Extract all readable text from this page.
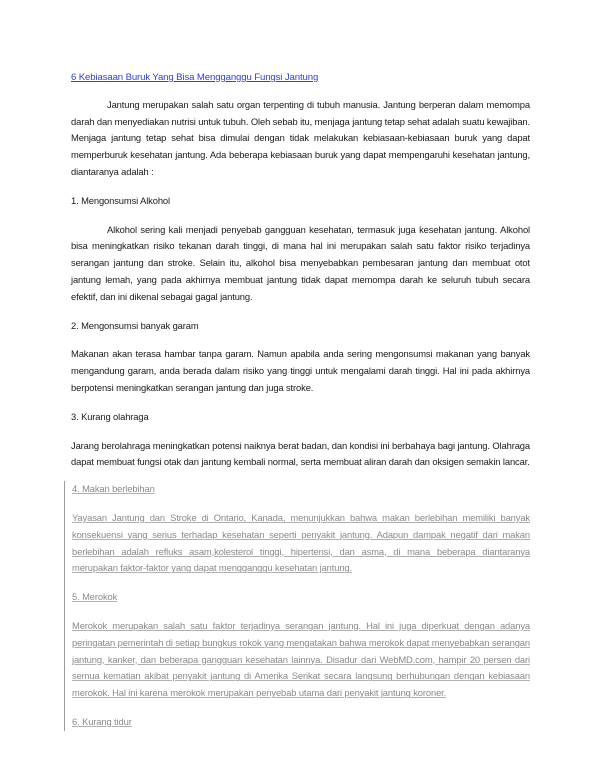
6 Kebiasaan Buruk Yang Bisa Mengganggu Fungsi Jantung

Jantung merupakan salah satu organ terpenting di tubuh manusia. Jantung berperan dalam memompa darah dan menyediakan nutrisi untuk tubuh. Oleh sebab itu, menjaga jantung tetap sehat adalah suatu kewajiban. Menjaga jantung tetap sehat bisa dimulai dengan tidak melakukan kebiasaan-kebiasaan buruk yang dapat memperburuk kesehatan jantung. Ada beberapa kebiasaan buruk yang dapat mempengaruhi kesehatan jantung, diantaranya adalah :

1. Mengonsumsi Alkohol

Alkohol sering kali menjadi penyebab gangguan kesehatan, termasuk juga kesehatan jantung. Alkohol bisa meningkatkan risiko tekanan darah tinggi, di mana hal ini merupakan salah satu faktor risiko terjadinya serangan jantung dan stroke. Selain itu, alkohol bisa menyebabkan pembesaran jantung dan membuat otot jantung lemah, yang pada akhirnya membuat jantung tidak dapat memompa darah ke seluruh tubuh secara efektif, dan ini dikenal sebagai gagal jantung.

2. Mengonsumsi banyak garam

Makanan akan terasa hambar tanpa garam. Namun apabila anda sering mengonsumsi makanan yang banyak mengandung garam, anda berada dalam risiko yang tinggi untuk mengalami darah tinggi. Hal ini pada akhirnya berpotensi meningkatkan serangan jantung dan juga stroke.

3. Kurang olahraga

Jarang berolahraga meningkatkan potensi naiknya berat badan, dan kondisi ini berbahaya bagi jantung. Olahraga dapat membuat fungsi otak dan jantung kembali normal, serta membuat aliran darah dan oksigen semakin lancar.

4. Makan berlebihan

Yayasan Jantung dan Stroke di Ontario, Kanada, menunjukkan bahwa makan berlebihan memiliki banyak konsekuensi yang serius terhadap kesehatan seperti penyakit jantung. Adapun dampak negatif dari makan berlebihan adalah refluks asam,kolesterol tinggi, hipertensi, dan asma, di mana beberapa diantaranya merupakan faktor-faktor yang dapat mengganggu kesehatan jantung.

5. Merokok

Merokok merupakan salah satu faktor terjadinya serangan jantung. Hal ini juga diperkuat dengan adanya peringatan pemerintah di setiap bungkus rokok yang mengatakan bahwa merokok dapat menyebabkan serangan jantung, kanker, dan beberapa gangguan kesehatan lainnya. Disadur dari WebMD.com, hampir 20 persen dari semua kematian akibat penyakit jantung di Amerika Serikat secara langsung berhubungan dengan kebiasaan merokok. Hal ini karena merokok merupakan penyebab utama dari penyakit jantung koroner.

6. Kurang tidur
